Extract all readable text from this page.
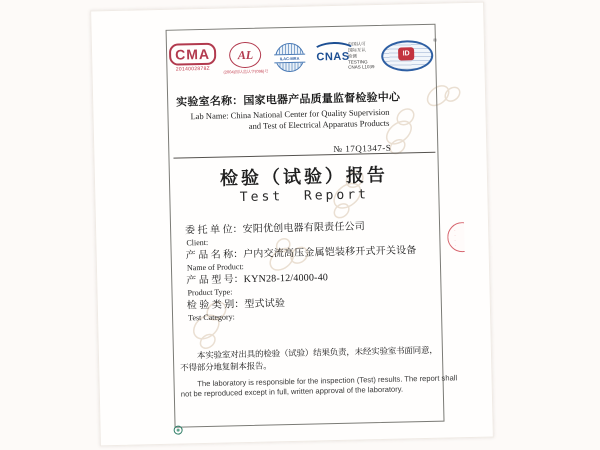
CMA
2014002878Z
AL
(2004)国认监认字(096)号
ILAC-MRA	CNAS
中国认可
国际互认
检测
TESTING
CNAS L1039
ID
®
实验室名称：国家电器产品质量监督检验中心
Lab Name: China National Center for Quality Supervision
and Test of Electrical Apparatus Products
№ 17Q1347-S
检验（试验）报告
Test Report
委 托 单 位：安阳优创电器有限责任公司
Client:
产 品 名 称：户内交流高压金属铠装移开式开关设备
Name of Product:
产 品 型 号：KYN28-12/4000-40
Product Type:
检 验 类 别：型式试验
Test Category:
本实验室对出具的检验（试验）结果负责，未经实验室书面同意，
不得部分地复制本报告。
The laboratory is responsible for the inspection (Test) results. The report shall
not be reproduced except in full, written approval of the laboratory.
·
·
·
·
